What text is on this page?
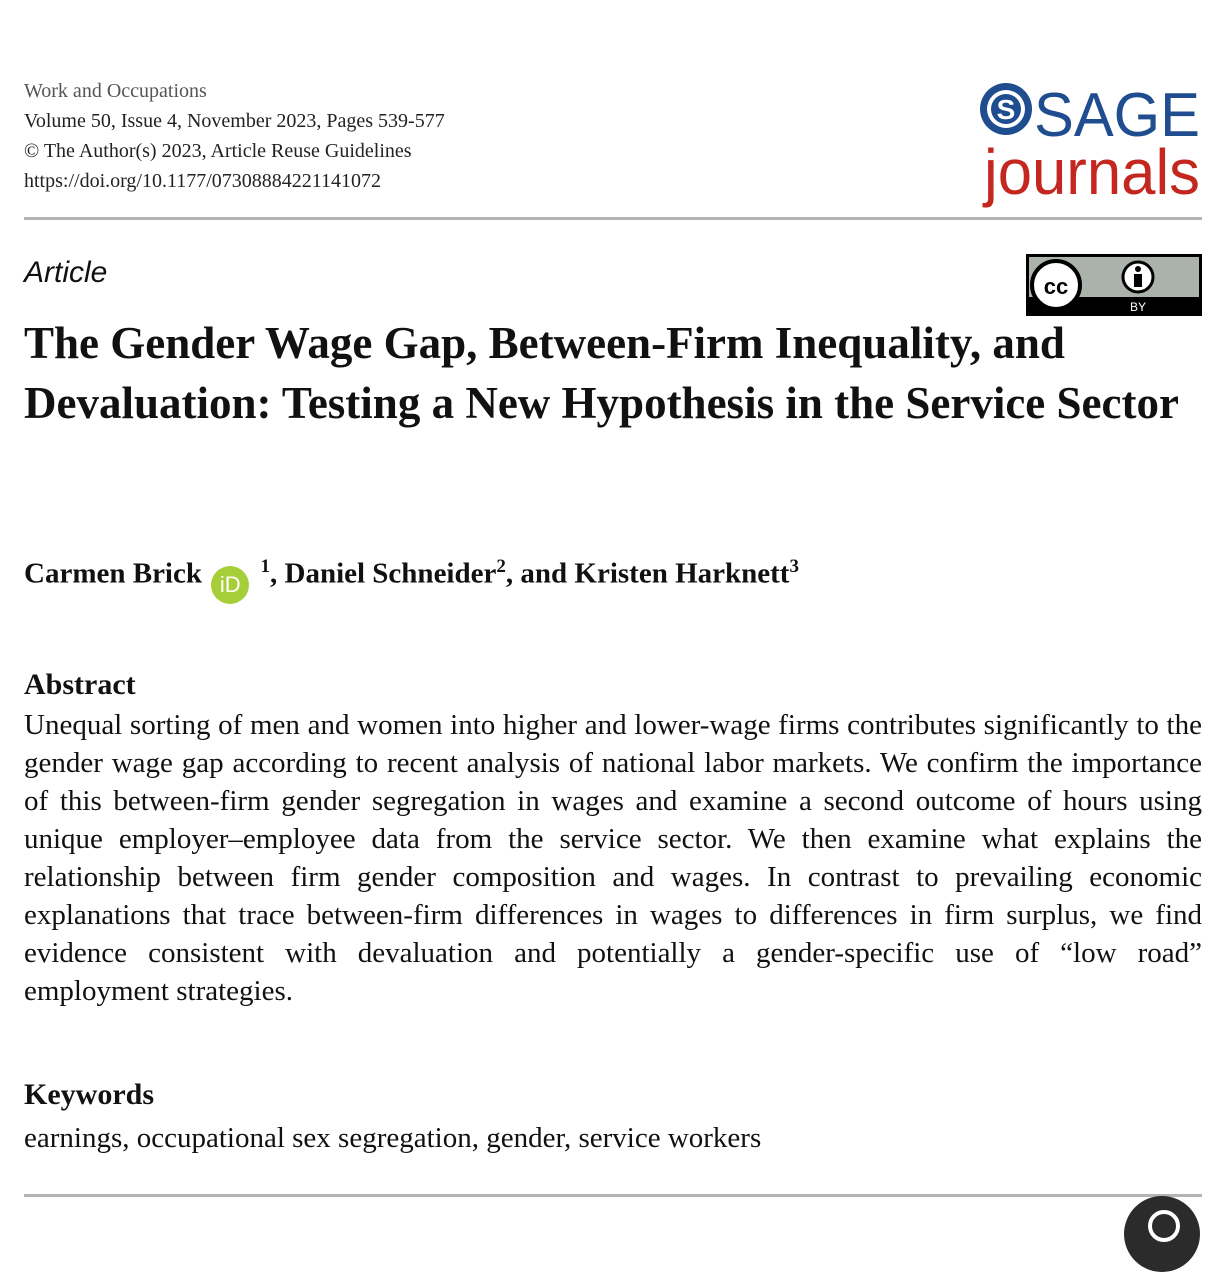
Work and Occupations
Volume 50, Issue 4, November 2023, Pages 539-577
© The Author(s) 2023, Article Reuse Guidelines
https://doi.org/10.1177/07308884221141072
S SAGE
journals
Article	cc
BY
The Gender Wage Gap, Between-Firm Inequality, and Devaluation: Testing a New Hypothesis in the Service Sector
Carmen Brick iD $^1$, Daniel Schneider$^2$, and Kristen Harknett$^3$
Abstract

Unequal sorting of men and women into higher and lower-wage firms contributes significantly to the gender wage gap according to recent analysis of national labor markets. We confirm the importance of this between-firm gender segregation in wages and examine a second outcome of hours using unique employer–employee data from the service sector. We then examine what explains the relationship between firm gender composition and wages. In contrast to prevailing economic explanations that trace between-firm differences in wages to differences in firm surplus, we find evidence consistent with devaluation and potentially a gender-specific use of “low road” employment strategies.

Keywords
earnings, occupational sex segregation, gender, service workers
